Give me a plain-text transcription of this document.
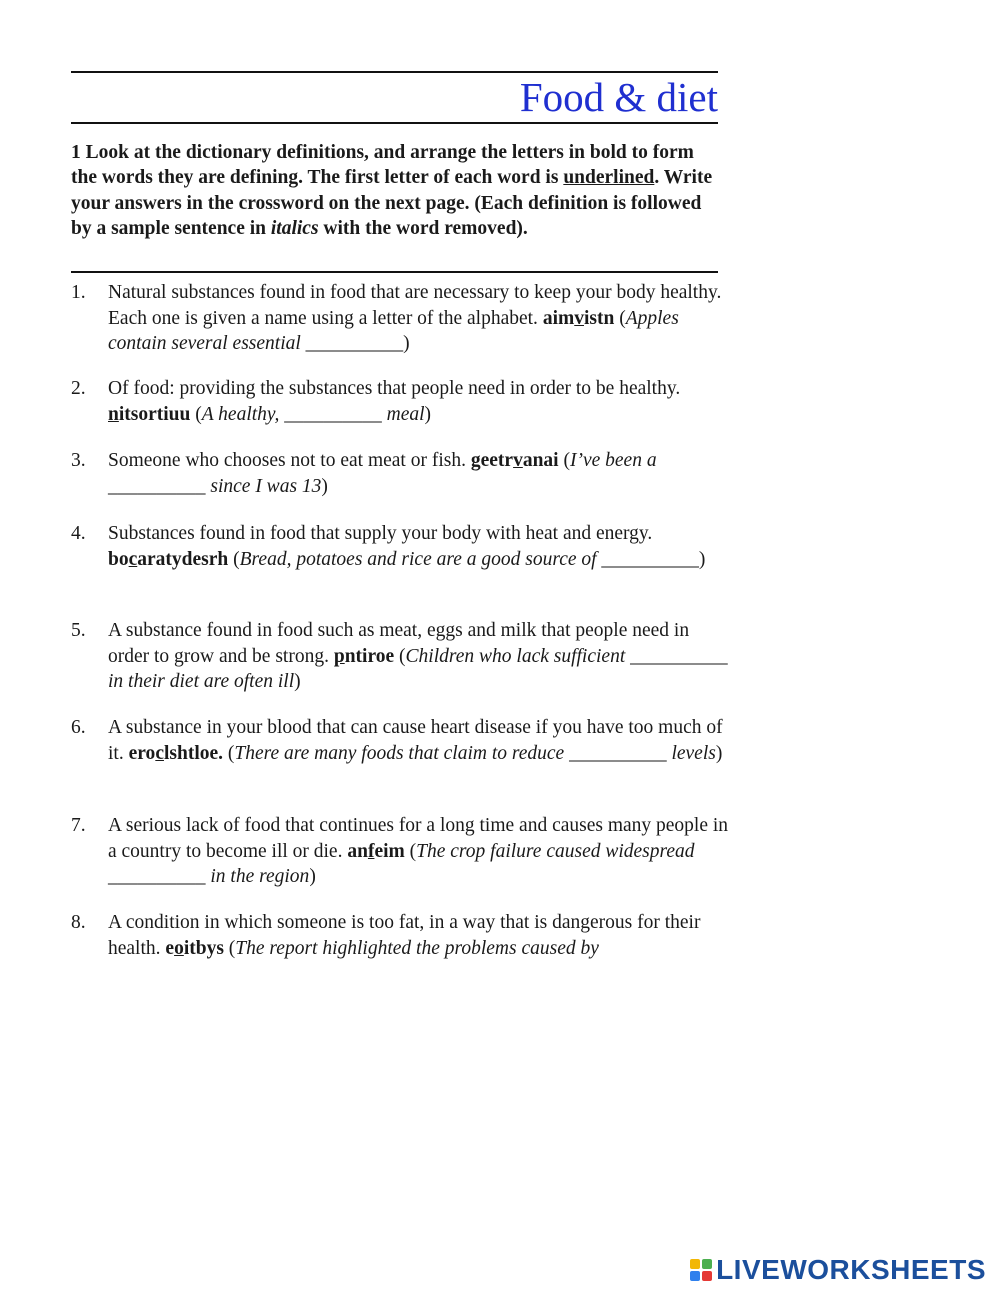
Food & diet

1 Look at the dictionary definitions, and arrange the letters in bold to form the words they are defining. The first letter of each word is underlined. Write your answers in the crossword on the next page. (Each definition is followed by a sample sentence in italics with the word removed).

1. Natural substances found in food that are necessary to keep your body healthy. Each one is given a name using a letter of the alphabet. aimvistn (Apples contain several essential __________)
2. Of food: providing the substances that people need in order to be healthy. nitsortiuu (A healthy, __________ meal)
3. Someone who chooses not to eat meat or fish. geetrvanai (I’ve been a __________ since I was 13)
4. Substances found in food that supply your body with heat and energy. bocaratydesrh (Bread, potatoes and rice are a good source of __________)
5. A substance found in food such as meat, eggs and milk that people need in order to grow and be strong. pntiroe (Children who lack sufficient __________ in their diet are often ill)
6. A substance in your blood that can cause heart disease if you have too much of it. eroclshtloe. (There are many foods that claim to reduce __________ levels)
7. A serious lack of food that continues for a long time and causes many people in a country to become ill or die. anfeim (The crop failure caused widespread __________ in the region)
8. A condition in which someone is too fat, in a way that is dangerous for their health. eoitbys (The report highlighted the problems caused by
LIVEWORKSHEETS
